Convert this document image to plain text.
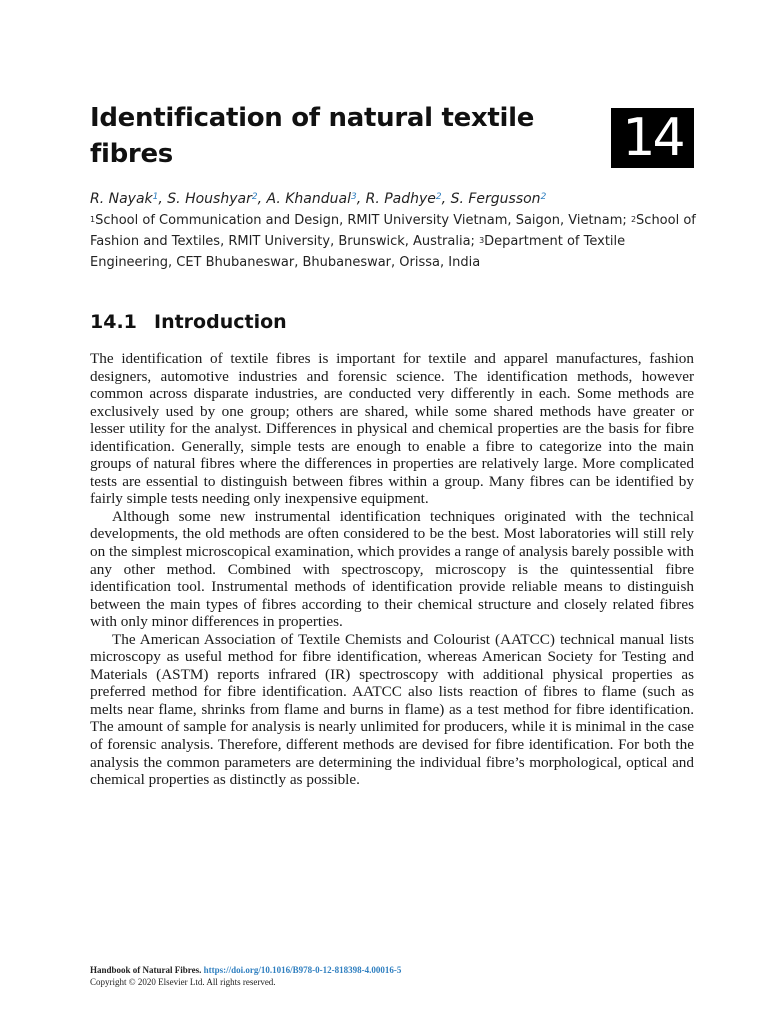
Identification of natural textile fibres	14
R. Nayak$^1$, S. Houshyar$^2$, A. Khandual$^3$, R. Padhye$^2$, S. Fergusson$^2$
$^1$School of Communication and Design, RMIT University Vietnam, Saigon, Vietnam; $^2$School of Fashion and Textiles, RMIT University, Brunswick, Australia; $^3$Department of Textile Engineering, CET Bhubaneswar, Bhubaneswar, Orissa, India
14.1 Introduction

The identification of textile fibres is important for textile and apparel manufactures, fashion designers, automotive industries and forensic science. The identification methods, however common across disparate industries, are conducted very differently in each. Some methods are exclusively used by one group; others are shared, while some shared methods have greater or lesser utility for the analyst. Differences in physical and chemical properties are the basis for fibre identification. Generally, simple tests are enough to enable a fibre to categorize into the main groups of natural fibres where the differences in properties are relatively large. More complicated tests are essential to distinguish between fibres within a group. Many fibres can be identified by fairly simple tests needing only inexpensive equipment.

Although some new instrumental identification techniques originated with the technical developments, the old methods are often considered to be the best. Most laboratories will still rely on the simplest microscopical examination, which provides a range of analysis barely possible with any other method. Combined with spectroscopy, microscopy is the quintessential fibre identification tool. Instrumental methods of identification provide reliable means to distinguish between the main types of fibres according to their chemical structure and closely related fibres with only minor differences in properties.

The American Association of Textile Chemists and Colourist (AATCC) technical manual lists microscopy as useful method for fibre identification, whereas American Society for Testing and Materials (ASTM) reports infrared (IR) spectroscopy with additional physical properties as preferred method for fibre identification. AATCC also lists reaction of fibres to flame (such as melts near flame, shrinks from flame and burns in flame) as a test method for fibre identification. The amount of sample for analysis is nearly unlimited for producers, while it is minimal in the case of forensic analysis. Therefore, different methods are devised for fibre identification. For both the analysis the common parameters are determining the individual fibre’s morphological, optical and chemical properties as distinctly as possible.

Handbook of Natural Fibres. https://doi.org/10.1016/B978-0-12-818398-4.00016-5
Copyright © 2020 Elsevier Ltd. All rights reserved.
